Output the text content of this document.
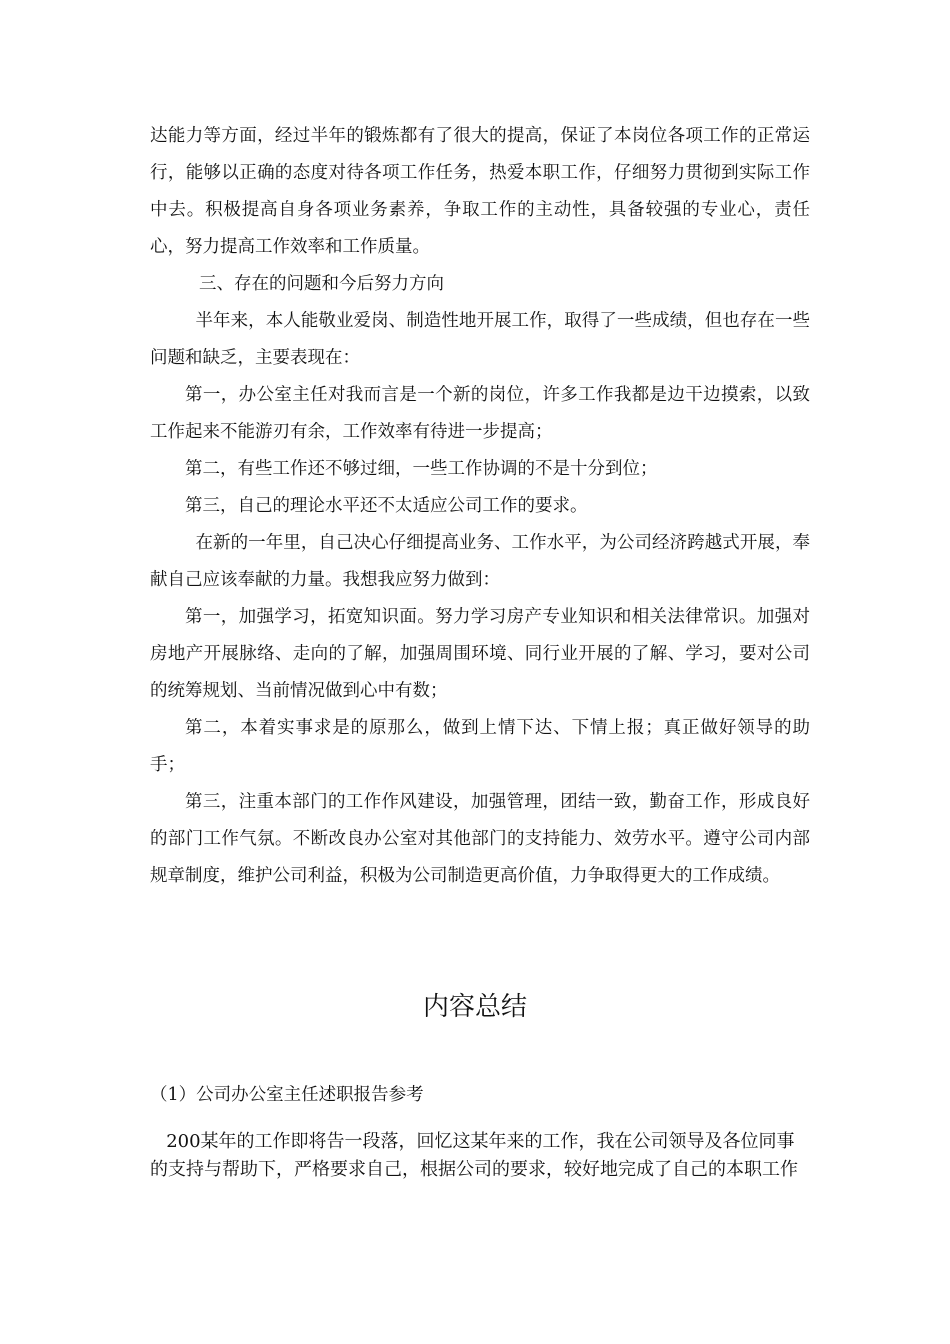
达能力等方面，经过半年的锻炼都有了很大的提高，保证了本岗位各项工作的正常运行，能够以正确的态度对待各项工作任务，热爱本职工作，仔细努力贯彻到实际工作中去。积极提高自身各项业务素养，争取工作的主动性，具备较强的专业心，责任心，努力提高工作效率和工作质量。

三、存在的问题和今后努力方向

半年来，本人能敬业爱岗、制造性地开展工作，取得了一些成绩，但也存在一些问题和缺乏，主要表现在：

第一，办公室主任对我而言是一个新的岗位，许多工作我都是边干边摸索，以致工作起来不能游刃有余，工作效率有待进一步提高；

第二，有些工作还不够过细，一些工作协调的不是十分到位；

第三，自己的理论水平还不太适应公司工作的要求。

在新的一年里，自己决心仔细提高业务、工作水平，为公司经济跨越式开展，奉献自己应该奉献的力量。我想我应努力做到：

第一，加强学习，拓宽知识面。努力学习房产专业知识和相关法律常识。加强对房地产开展脉络、走向的了解，加强周围环境、同行业开展的了解、学习，要对公司的统筹规划、当前情况做到心中有数；

第二，本着实事求是的原那么，做到上情下达、下情上报；真正做好领导的助手；

第三，注重本部门的工作作风建设，加强管理，团结一致，勤奋工作，形成良好的部门工作气氛。不断改良办公室对其他部门的支持能力、效劳水平。遵守公司内部规章制度，维护公司利益，积极为公司制造更高价值，力争取得更大的工作成绩。

内容总结

（1）公司办公室主任述职报告参考

200某年的工作即将告一段落，回忆这某年来的工作，我在公司领导及各位同事的支持与帮助下，严格要求自己，根据公司的要求，较好地完成了自己的本职工作
